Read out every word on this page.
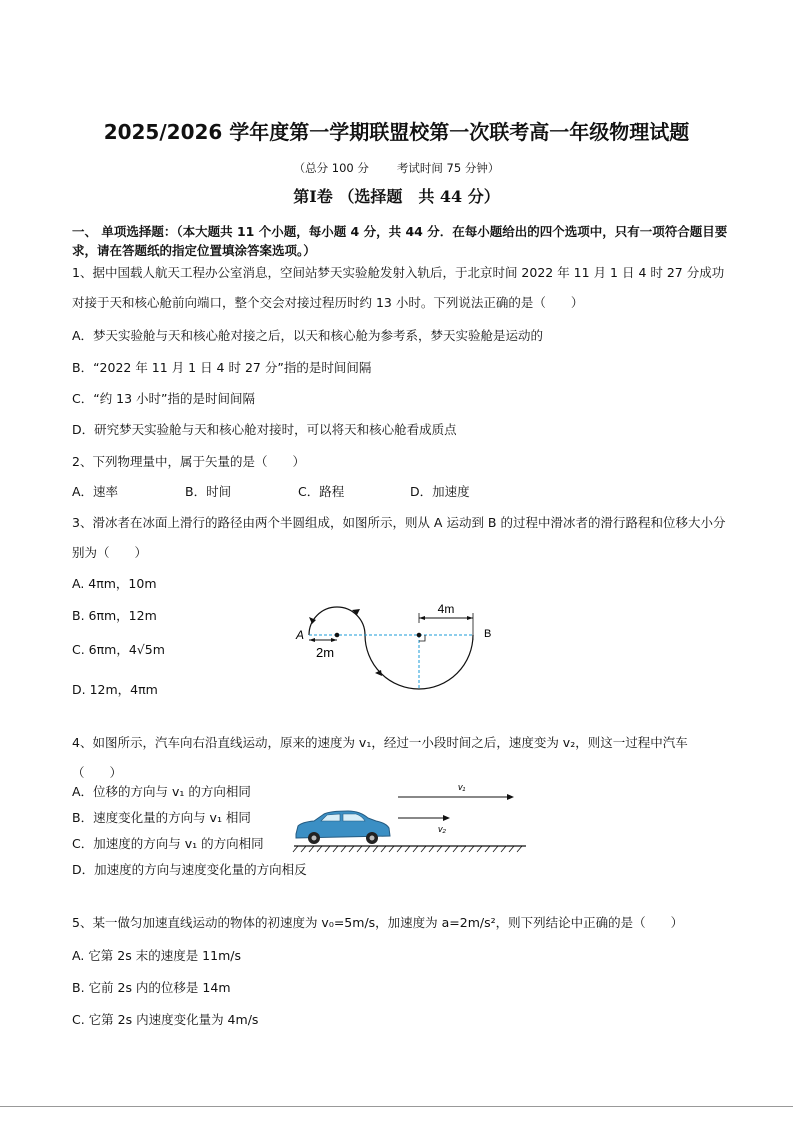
2025/2026 学年度第一学期联盟校第一次联考高一年级物理试题
（总分 100 分 考试时间 75 分钟）
第Ⅰ卷 （选择题　共 44 分）
一、 单项选择题：（本大题共 11 个小题，每小题 4 分，共 44 分．在每小题给出的四个选项中，只有一项符合题目要求，请在答题纸的指定位置填涂答案选项。）
1、据中国载人航天工程办公室消息，空间站梦天实验舱发射入轨后，于北京时间 2022 年 11 月 1 日 4 时 27 分成功对接于天和核心舱前向端口，整个交会对接过程历时约 13 小时。下列说法正确的是（　　）
A．梦天实验舱与天和核心舱对接之后，以天和核心舱为参考系，梦天实验舱是运动的
B．“2022 年 11 月 1 日 4 时 27 分”指的是时间间隔
C．“约 13 小时”指的是时间间隔
D．研究梦天实验舱与天和核心舱对接时，可以将天和核心舱看成质点
2、下列物理量中，属于矢量的是（　　）
A．速率	B．时间	C．路程	D．加速度
3、滑冰者在冰面上滑行的路径由两个半圆组成，如图所示，则从 A 运动到 B 的过程中滑冰者的滑行路程和位移大小分别为（　　）
A. 4πm，10m
B. 6πm，12m
C. 6πm，4√5m
D. 12m，4πm
4m
2m
A	B
4、如图所示，汽车向右沿直线运动，原来的速度为 v₁，经过一小段时间之后，速度变为 v₂，则这一过程中汽车（　　）
A．位移的方向与 v₁ 的方向相同
B．速度变化量的方向与 v₁ 相同
C．加速度的方向与 v₁ 的方向相同
D．加速度的方向与速度变化量的方向相反
v₁
v₂
5、某一做匀加速直线运动的物体的初速度为 v₀=5m/s，加速度为 a=2m/s²，则下列结论中正确的是（　　）
A. 它第 2s 末的速度是 11m/s
B. 它前 2s 内的位移是 14m
C. 它第 2s 内速度变化量为 4m/s
